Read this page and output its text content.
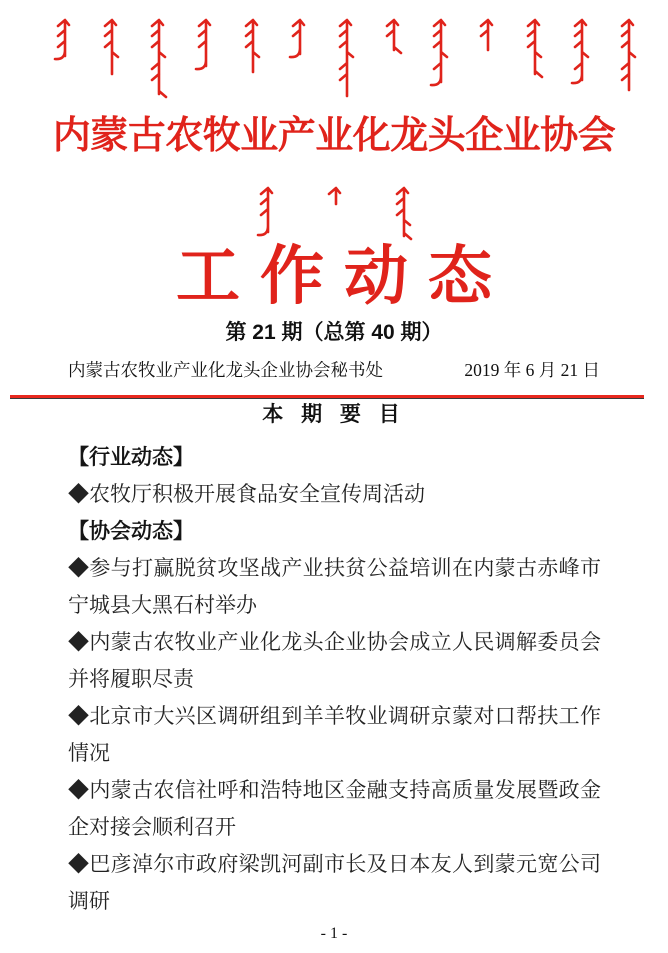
内蒙古农牧业产业化龙头企业协会
工作动态
第 21 期（总第 40 期）
内蒙古农牧业产业化龙头企业协会秘书处	2019 年 6 月 21 日
本 期 要 目

【行业动态】

◆农牧厅积极开展食品安全宣传周活动

【协会动态】

◆参与打赢脱贫攻坚战产业扶贫公益培训在内蒙古赤峰市宁城县大黑石村举办

◆内蒙古农牧业产业化龙头企业协会成立人民调解委员会并将履职尽责

◆北京市大兴区调研组到羊羊牧业调研京蒙对口帮扶工作情况

◆内蒙古农信社呼和浩特地区金融支持高质量发展暨政金企对接会顺利召开

◆巴彦淖尔市政府梁凯河副市长及日本友人到蒙元宽公司调研

- 1 -
